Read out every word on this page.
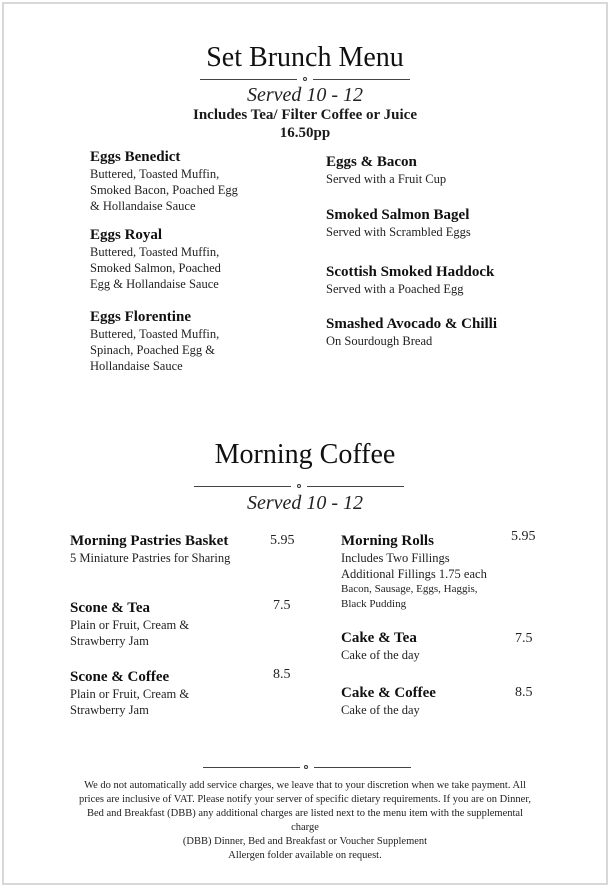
Set Brunch Menu
Served 10 - 12
Includes Tea/ Filter Coffee or Juice
16.50pp
Eggs Benedict
Buttered, Toasted Muffin,
Smoked Bacon, Poached Egg
& Hollandaise Sauce
Eggs Royal
Buttered, Toasted Muffin,
Smoked Salmon, Poached
Egg & Hollandaise Sauce
Eggs Florentine
Buttered, Toasted Muffin,
Spinach, Poached Egg &
Hollandaise Sauce
Eggs & Bacon
Served with a Fruit Cup
Smoked Salmon Bagel
Served with Scrambled Eggs
Scottish Smoked Haddock
Served with a Poached Egg
Smashed Avocado & Chilli
On Sourdough Bread
Morning Coffee
Served 10 - 12
Morning Pastries Basket
5 Miniature Pastries for Sharing
5.95
Scone & Tea
Plain or Fruit, Cream &
Strawberry Jam
7.5
Scone & Coffee
Plain or Fruit, Cream &
Strawberry Jam
8.5
Morning Rolls
Includes Two Fillings
Additional Fillings 1.75 each
Bacon, Sausage, Eggs, Haggis,
Black Pudding
5.95
Cake & Tea
Cake of the day
7.5
Cake & Coffee
Cake of the day
8.5
We do not automatically add service charges, we leave that to your discretion when we take payment. All
prices are inclusive of VAT. Please notify your server of specific dietary requirements. If you are on Dinner,
Bed and Breakfast (DBB) any additional charges are listed next to the menu item with the supplemental
charge
(DBB) Dinner, Bed and Breakfast or Voucher Supplement
Allergen folder available on request.
